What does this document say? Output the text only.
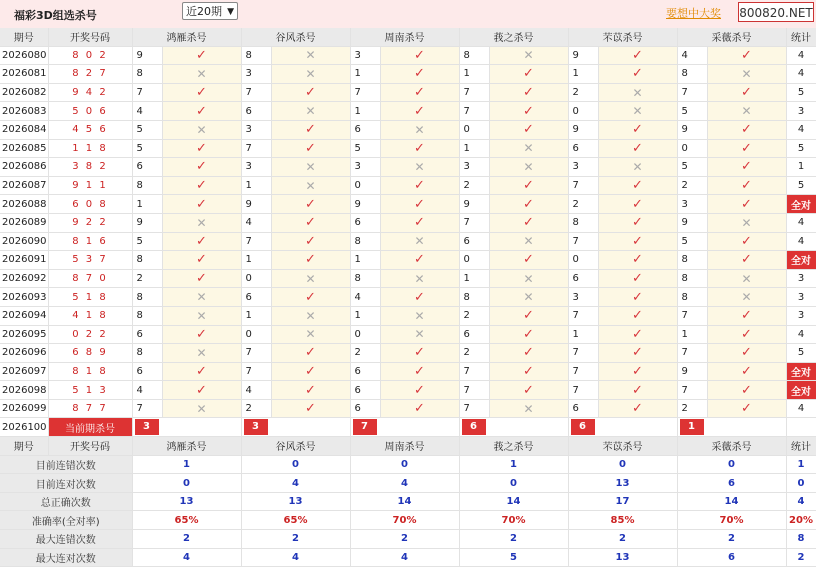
福彩3D组选杀号	近20期 ▼	要想中大奖 800820.NET
期号	开奖号码	鸿雁杀号		谷风杀号		周南杀号		莪之杀号		芣苡杀号		采薇杀号		统计
2026080	8 0 2	9	✓	8	✕	3	✓	8	✕	9	✓	4	✓	4
2026081	8 2 7	8	✕	3	✕	1	✓	1	✓	1	✓	8	✕	4
2026082	9 4 2	7	✓	7	✓	7	✓	7	✓	2	✕	7	✓	5
2026083	5 0 6	4	✓	6	✕	1	✓	7	✓	0	✕	5	✕	3
2026084	4 5 6	5	✕	3	✓	6	✕	0	✓	9	✓	9	✓	4
2026085	1 1 8	5	✓	7	✓	5	✓	1	✕	6	✓	0	✓	5
2026086	3 8 2	6	✓	3	✕	3	✕	3	✕	3	✕	5	✓	1
2026087	9 1 1	8	✓	1	✕	0	✓	2	✓	7	✓	2	✓	5
2026088	6 0 8	1	✓	9	✓	9	✓	9	✓	2	✓	3	✓	全对
2026089	9 2 2	9	✕	4	✓	6	✓	7	✓	8	✓	9	✕	4
2026090	8 1 6	5	✓	7	✓	8	✕	6	✕	7	✓	5	✓	4
2026091	5 3 7	8	✓	1	✓	1	✓	0	✓	0	✓	8	✓	全对
2026092	8 7 0	2	✓	0	✕	8	✕	1	✕	6	✓	8	✕	3
2026093	5 1 8	8	✕	6	✓	4	✓	8	✕	3	✓	8	✕	3
2026094	4 1 8	8	✕	1	✕	1	✕	2	✓	7	✓	7	✓	3
2026095	0 2 2	6	✓	0	✕	0	✕	6	✓	1	✓	1	✓	4
2026096	6 8 9	8	✕	7	✓	2	✓	2	✓	7	✓	7	✓	5
2026097	8 1 8	6	✓	7	✓	6	✓	7	✓	7	✓	9	✓	全对
2026098	5 1 3	4	✓	4	✓	6	✓	7	✓	7	✓	7	✓	全对
2026099	8 7 7	7	✕	2	✓	6	✓	7	✕	6	✓	2	✓	4
2026100	当前期杀号	3		3		7		6		6		1		
期号	开奖号码	鸿雁杀号		谷风杀号		周南杀号		莪之杀号		芣苡杀号		采薇杀号		统计
目前连错次数		1		0		0		1		0		0		1
目前连对次数		0		4		4		0		13		6		0
总正确次数		13		13		14		14		17		14		4
准确率(全对率)		65%		65%		70%		70%		85%		70%		20%
最大连错次数		2		2		2		2		2		2		8
最大连对次数		4		4		4		5		13		6		2
